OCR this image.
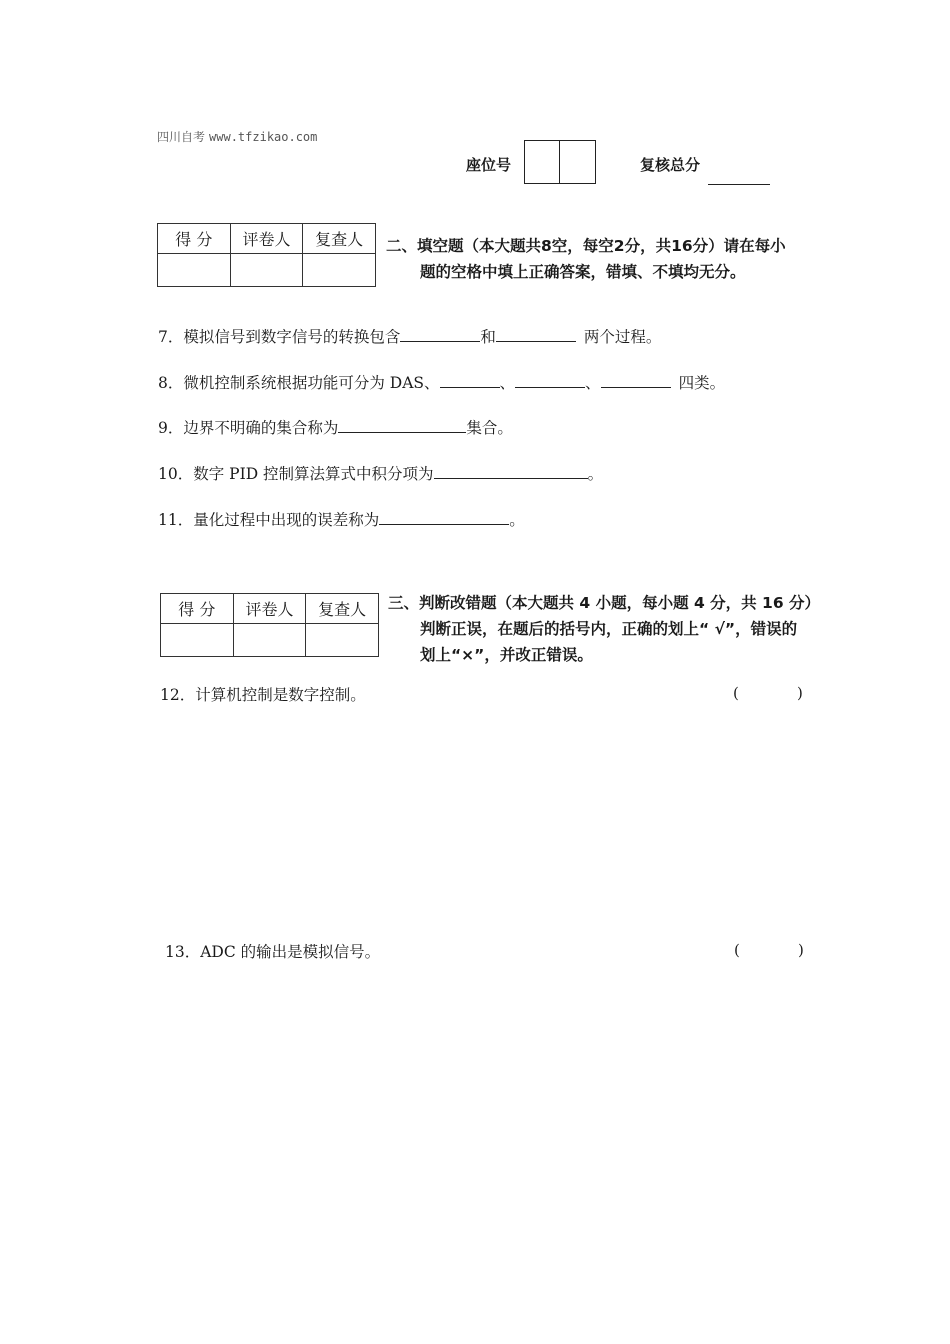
四川自考 www.tfzikao.com
座位号	复核总分
得 分	评卷人	复查人
		二、填空题（本大题共8空，每空2分，共16分）请在每小
题的空格中填上正确答案，错填、不填均无分。
7．模拟信号到数字信号的转换包含	和	两个过程。
8．微机控制系统根据功能可分为 DAS、	、	、	四类。
9．边界不明确的集合称为	集合。
10．数字 PID 控制算法算式中积分项为	。
11．量化过程中出现的误差称为	。
得 分	评卷人	复查人
		三、判断改错题（本大题共 4 小题，每小题 4 分，共 16 分）
判断正误，在题后的括号内，正确的划上“ √”，错误的
划上“×”，并改正错误。
12．计算机控制是数字控制。	(	)
13．ADC 的输出是模拟信号。	(	)
